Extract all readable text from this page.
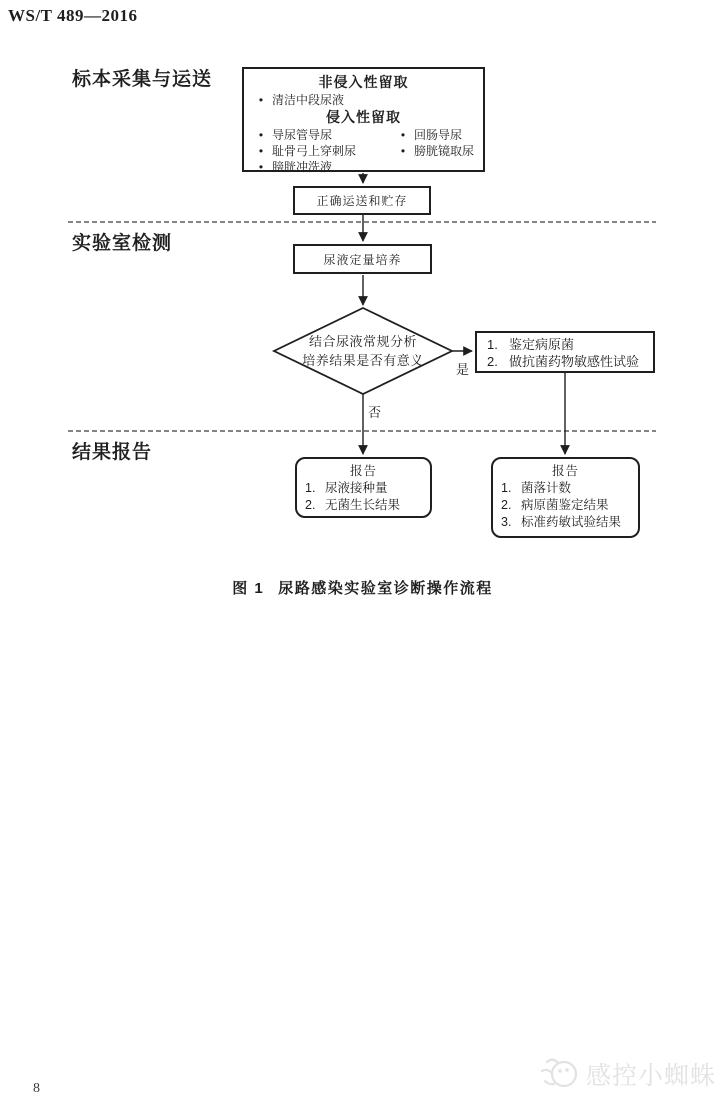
WS/T 489—2016
标本采集与运送
实验室检测
结果报告
非侵入性留取
• 清洁中段尿液
侵入性留取
• 导尿管导尿
• 耻骨弓上穿刺尿
• 膀胱冲洗液
• 回肠导尿
• 膀胱镜取尿
正确运送和贮存
尿液定量培养
结合尿液常规分析
培养结果是否有意义
是
否
1. 鉴定病原菌
2. 做抗菌药物敏感性试验
报告
1. 尿液接种量
2. 无菌生长结果
报告
1. 菌落计数
2. 病原菌鉴定结果
3. 标准药敏试验结果
图 1 尿路感染实验室诊断操作流程
8	感控小蜘蛛
